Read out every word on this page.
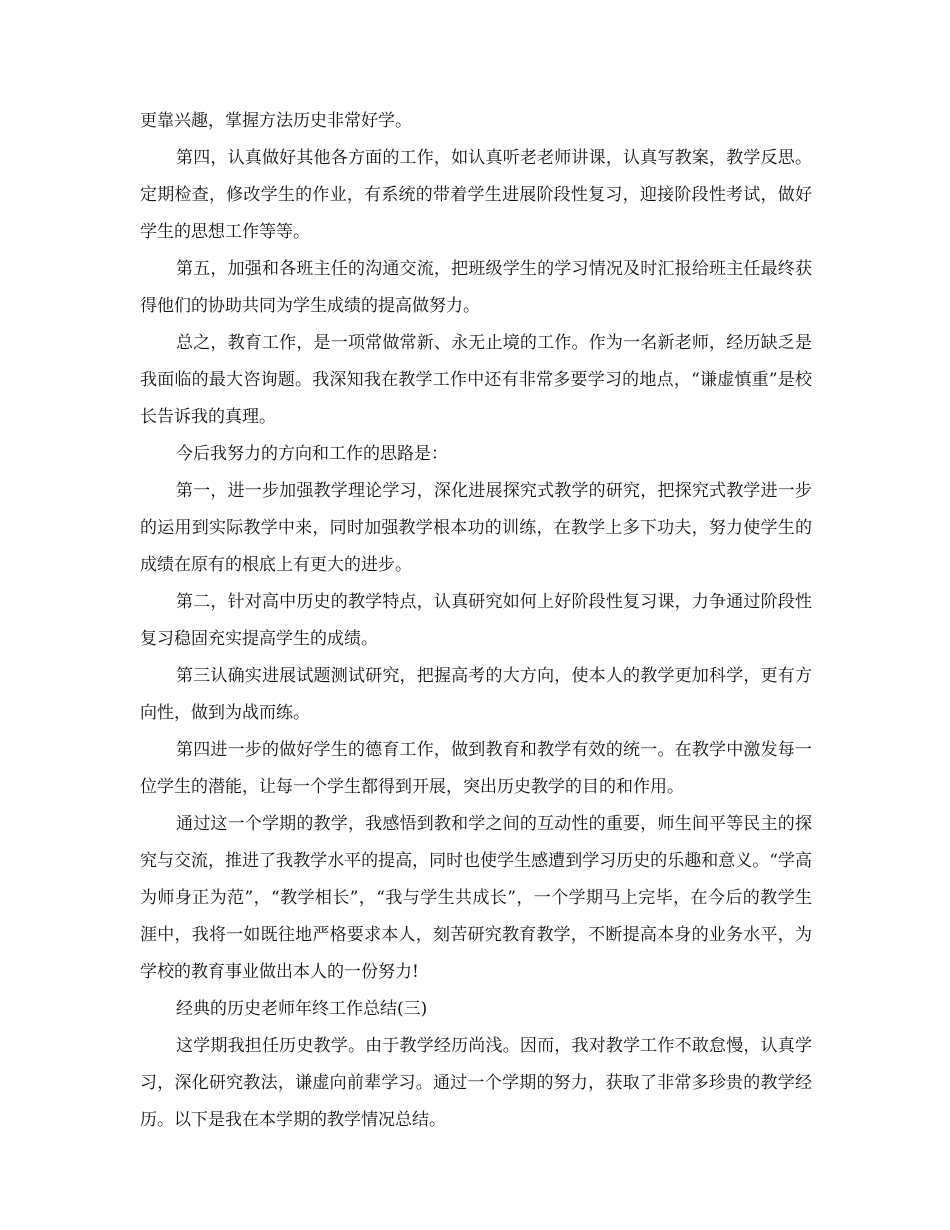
更靠兴趣，掌握方法历史非常好学。

第四，认真做好其他各方面的工作，如认真听老老师讲课，认真写教案，教学反思。定期检查，修改学生的作业，有系统的带着学生进展阶段性复习，迎接阶段性考试，做好学生的思想工作等等。

第五，加强和各班主任的沟通交流，把班级学生的学习情况及时汇报给班主任最终获得他们的协助共同为学生成绩的提高做努力。

总之，教育工作，是一项常做常新、永无止境的工作。作为一名新老师，经历缺乏是我面临的最大咨询题。我深知我在教学工作中还有非常多要学习的地点，“谦虚慎重”是校长告诉我的真理。

今后我努力的方向和工作的思路是：

第一，进一步加强教学理论学习，深化进展探究式教学的研究，把探究式教学进一步的运用到实际教学中来，同时加强教学根本功的训练，在教学上多下功夫，努力使学生的成绩在原有的根底上有更大的进步。

第二，针对高中历史的教学特点，认真研究如何上好阶段性复习课，力争通过阶段性复习稳固充实提高学生的成绩。

第三认确实进展试题测试研究，把握高考的大方向，使本人的教学更加科学，更有方向性，做到为战而练。

第四进一步的做好学生的德育工作，做到教育和教学有效的统一。在教学中激发每一位学生的潜能，让每一个学生都得到开展，突出历史教学的目的和作用。

通过这一个学期的教学，我感悟到教和学之间的互动性的重要，师生间平等民主的探究与交流，推进了我教学水平的提高，同时也使学生感遭到学习历史的乐趣和意义。“学高为师身正为范”，“教学相长”，“我与学生共成长”，一个学期马上完毕，在今后的教学生涯中，我将一如既往地严格要求本人，刻苦研究教育教学，不断提高本身的业务水平，为学校的教育事业做出本人的一份努力!

经典的历史老师年终工作总结(三)

这学期我担任历史教学。由于教学经历尚浅。因而，我对教学工作不敢怠慢，认真学习，深化研究教法，谦虚向前辈学习。通过一个学期的努力，获取了非常多珍贵的教学经历。以下是我在本学期的教学情况总结。
